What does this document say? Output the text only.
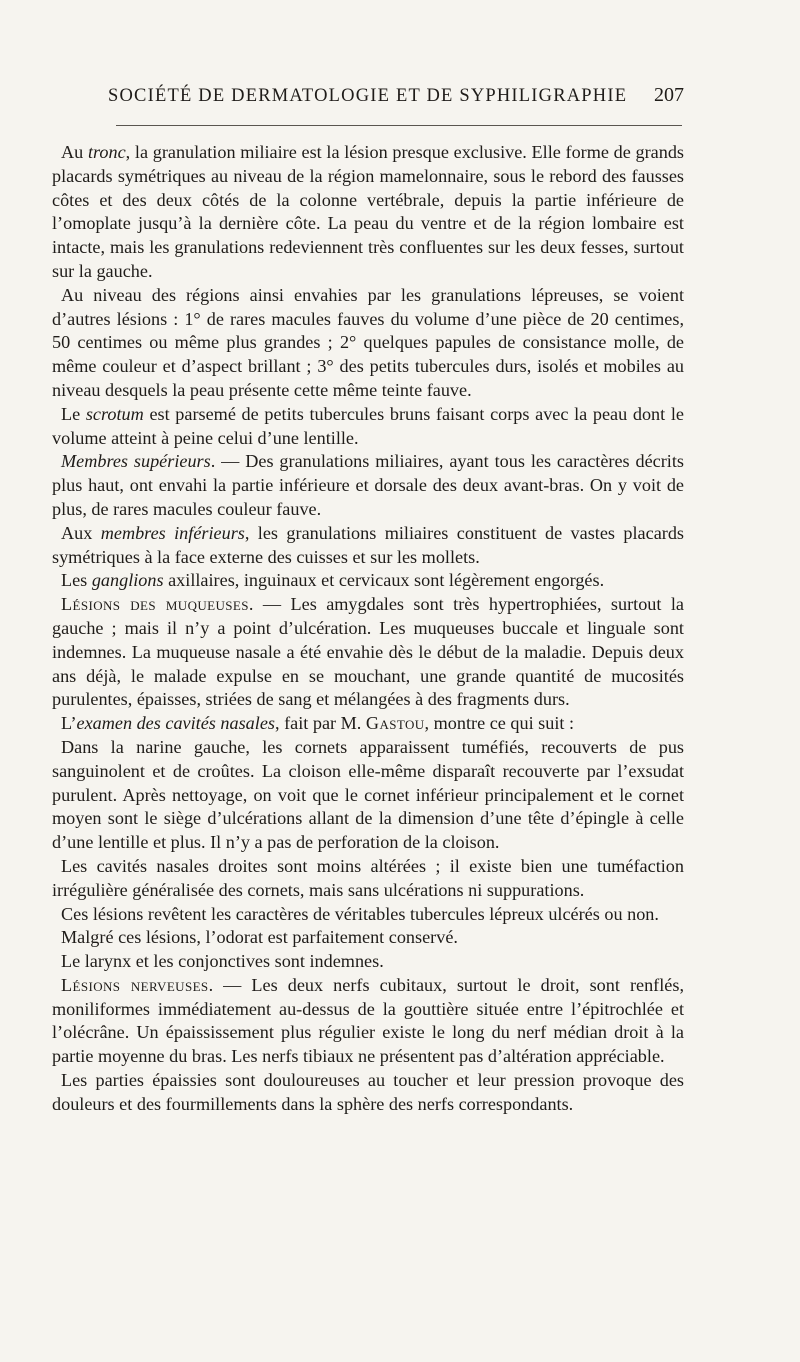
SOCIÉTÉ DE DERMATOLOGIE ET DE SYPHILIGRAPHIE 207

Au tronc, la granulation miliaire est la lésion presque exclusive. Elle forme de grands placards symétriques au niveau de la région mamelonnaire, sous le rebord des fausses côtes et des deux côtés de la colonne vertébrale, depuis la partie inférieure de l’omoplate jusqu’à la dernière côte. La peau du ventre et de la région lombaire est intacte, mais les granulations redeviennent très confluentes sur les deux fesses, surtout sur la gauche.

Au niveau des régions ainsi envahies par les granulations lépreuses, se voient d’autres lésions : 1° de rares macules fauves du volume d’une pièce de 20 centimes, 50 centimes ou même plus grandes ; 2° quelques papules de consistance molle, de même couleur et d’aspect brillant ; 3° des petits tubercules durs, isolés et mobiles au niveau desquels la peau présente cette même teinte fauve.

Le scrotum est parsemé de petits tubercules bruns faisant corps avec la peau dont le volume atteint à peine celui d’une lentille.

Membres supérieurs. — Des granulations miliaires, ayant tous les caractères décrits plus haut, ont envahi la partie inférieure et dorsale des deux avant-bras. On y voit de plus, de rares macules couleur fauve.

Aux membres inférieurs, les granulations miliaires constituent de vastes placards symétriques à la face externe des cuisses et sur les mollets.

Les ganglions axillaires, inguinaux et cervicaux sont légèrement engorgés.

Lésions des muqueuses. — Les amygdales sont très hypertrophiées, surtout la gauche ; mais il n’y a point d’ulcération. Les muqueuses buccale et linguale sont indemnes. La muqueuse nasale a été envahie dès le début de la maladie. Depuis deux ans déjà, le malade expulse en se mouchant, une grande quantité de mucosités purulentes, épaisses, striées de sang et mélangées à des fragments durs.

L’examen des cavités nasales, fait par M. Gastou, montre ce qui suit :

Dans la narine gauche, les cornets apparaissent tuméfiés, recouverts de pus sanguinolent et de croûtes. La cloison elle-même disparaît recouverte par l’exsudat purulent. Après nettoyage, on voit que le cornet inférieur principalement et le cornet moyen sont le siège d’ulcérations allant de la dimension d’une tête d’épingle à celle d’une lentille et plus. Il n’y a pas de perforation de la cloison.

Les cavités nasales droites sont moins altérées ; il existe bien une tuméfaction irrégulière généralisée des cornets, mais sans ulcérations ni suppurations.

Ces lésions revêtent les caractères de véritables tubercules lépreux ulcérés ou non.

Malgré ces lésions, l’odorat est parfaitement conservé.

Le larynx et les conjonctives sont indemnes.

Lésions nerveuses. — Les deux nerfs cubitaux, surtout le droit, sont renflés, moniliformes immédiatement au-dessus de la gouttière située entre l’épitrochlée et l’olécrâne. Un épaississement plus régulier existe le long du nerf médian droit à la partie moyenne du bras. Les nerfs tibiaux ne présentent pas d’altération appréciable.

Les parties épaissies sont douloureuses au toucher et leur pression provoque des douleurs et des fourmillements dans la sphère des nerfs correspondants.
